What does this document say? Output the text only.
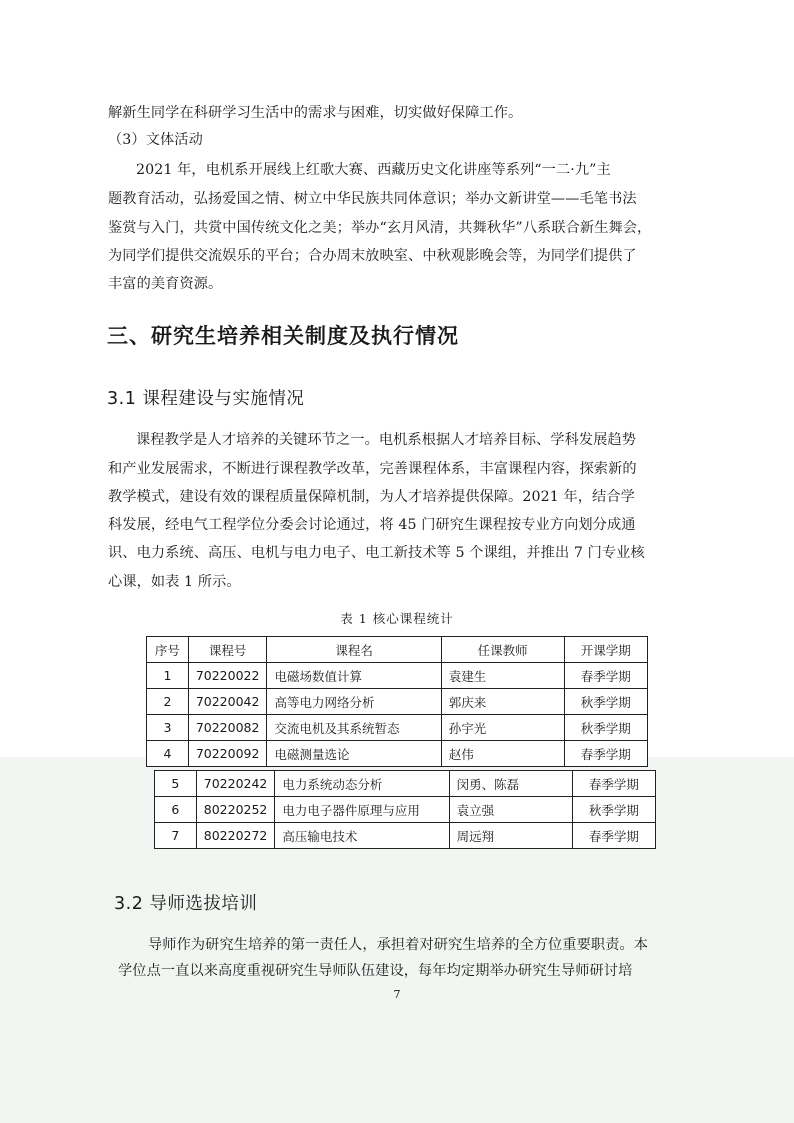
解新生同学在科研学习生活中的需求与困难，切实做好保障工作。
（3）文体活动
2021 年，电机系开展线上红歌大赛、西藏历史文化讲座等系列“一二·九”主
题教育活动，弘扬爱国之情、树立中华民族共同体意识；举办文新讲堂——毛笔书法
鉴赏与入门，共赏中国传统文化之美；举办“玄月风清，共舞秋华”八系联合新生舞会，
为同学们提供交流娱乐的平台；合办周末放映室、中秋观影晚会等，为同学们提供了
丰富的美育资源。
三、研究生培养相关制度及执行情况
3.1 课程建设与实施情况
课程教学是人才培养的关键环节之一。电机系根据人才培养目标、学科发展趋势
和产业发展需求，不断进行课程教学改革，完善课程体系，丰富课程内容，探索新的
教学模式，建设有效的课程质量保障机制，为人才培养提供保障。2021 年，结合学
科发展，经电气工程学位分委会讨论通过，将 45 门研究生课程按专业方向划分成通
识、电力系统、高压、电机与电力电子、电工新技术等 5 个课组，并推出 7 门专业核
心课，如表 1 所示。
表 1 核心课程统计
序号	课程号	课程名	任课教师	开课学期
1	70220022	电磁场数值计算	袁建生	春季学期
2	70220042	高等电力网络分析	郭庆来	秋季学期
3	70220082	交流电机及其系统暂态	孙宇光	秋季学期
4	70220092	电磁测量选论	赵伟	春季学期
5	70220242	电力系统动态分析	闵勇、陈磊	春季学期
6	80220252	电力电子器件原理与应用	袁立强	秋季学期
7	80220272	高压输电技术	周远翔	春季学期
3.2 导师选拔培训
导师作为研究生培养的第一责任人，承担着对研究生培养的全方位重要职责。本
学位点一直以来高度重视研究生导师队伍建设，每年均定期举办研究生导师研讨培
7
